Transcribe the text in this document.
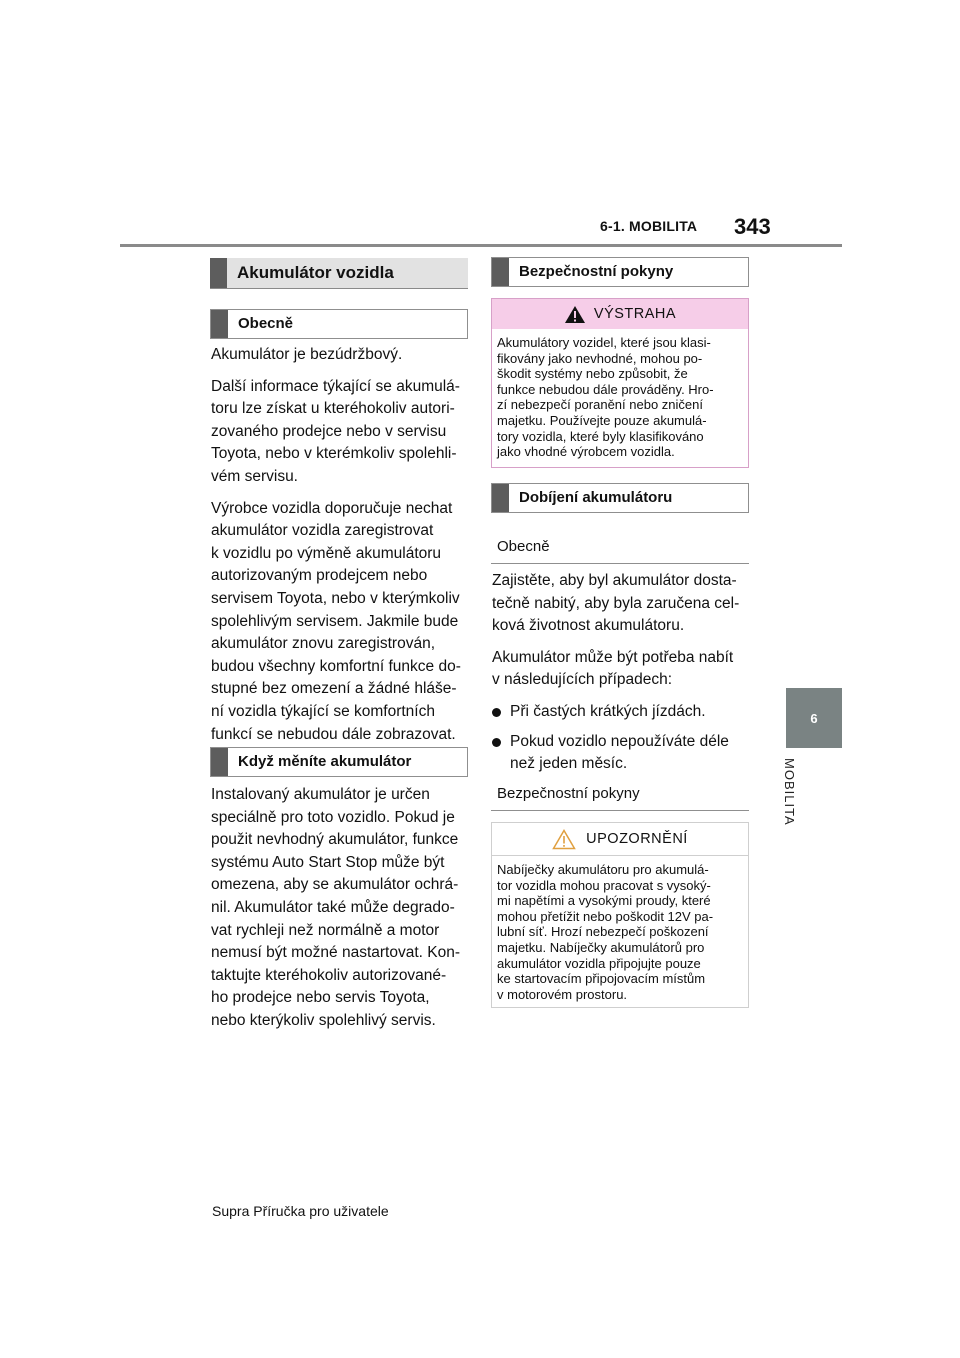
6-1. MOBILITA 343
6
MOBILITA
Akumulátor vozidla
Obecně

Akumulátor je bezúdržbový.

Další informace týkající se akumulá-
toru lze získat u kteréhokoliv autori-
zovaného prodejce nebo v servisu
Toyota, nebo v kterémkoliv spolehli-
vém servisu.

Výrobce vozidla doporučuje nechat
akumulátor vozidla zaregistrovat
k vozidlu po výměně akumulátoru
autorizovaným prodejcem nebo
servisem Toyota, nebo v kterýmkoliv
spolehlivým servisem. Jakmile bude
akumulátor znovu zaregistrován,
budou všechny komfortní funkce do-
stupné bez omezení a žádné hláše-
ní vozidla týkající se komfortních
funkcí se nebudou dále zobrazovat.

Když měníte akumulátor

Instalovaný akumulátor je určen
speciálně pro toto vozidlo. Pokud je
použit nevhodný akumulátor, funkce
systému Auto Start Stop může být
omezena, aby se akumulátor ochrá-
nil. Akumulátor také může degrado-
vat rychleji než normálně a motor
nemusí být možné nastartovat. Kon-
taktujte kteréhokoliv autorizované-
ho prodejce nebo servis Toyota,
nebo kterýkoliv spolehlivý servis.

Bezpečnostní pokyny
VÝSTRAHA
Akumulátory vozidel, které jsou klasi-
fikovány jako nevhodné, mohou po-
škodit systémy nebo způsobit, že
funkce nebudou dále prováděny. Hro-
zí nebezpečí poranění nebo zničení
majetku. Používejte pouze akumulá-
tory vozidla, které byly klasifikováno
jako vhodné výrobcem vozidla.
Dobíjení akumulátoru
Obecně

Zajistěte, aby byl akumulátor dosta-
tečně nabitý, aby byla zaručena cel-
ková životnost akumulátoru.

Akumulátor může být potřeba nabít
v následujících případech:

Při častých krátkých jízdách.
Pokud vozidlo nepoužíváte déle
než jeden měsíc.
Bezpečnostní pokyny
UPOZORNĚNÍ
Nabíječky akumulátoru pro akumulá-
tor vozidla mohou pracovat s vysoký-
mi napětími a vysokými proudy, které
mohou přetížit nebo poškodit 12V pa-
lubní síť. Hrozí nebezpečí poškození
majetku. Nabíječky akumulátorů pro
akumulátor vozidla připojujte pouze
ke startovacím připojovacím místům
v motorovém prostoru.
Supra Příručka pro uživatele
